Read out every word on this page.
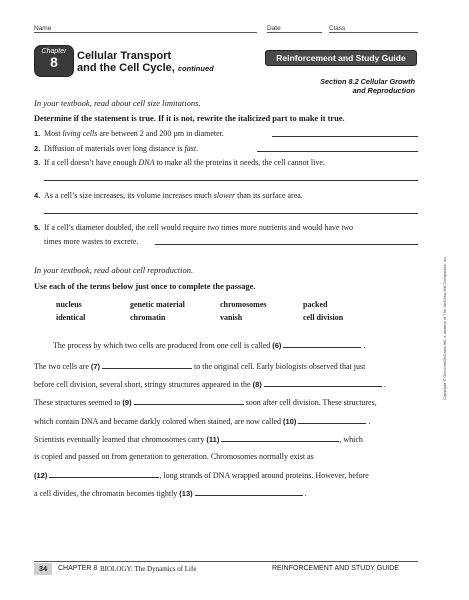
Name	Date	Class
Chapter
8	Cellular Transport
and the Cell Cycle, continued
Reinforcement and Study Guide
Section 8.2 Cellular Growth
and Reproduction
In your textbook, read about cell size limitations.
Determine if the statement is true. If it is not, rewrite the italicized part to make it true.
1. Most living cells are between 2 and 200 µm in diameter.
2. Diffusion of materials over long distance is fast.
3. If a cell doesn’t have enough DNA to make all the proteins it needs, the cell cannot live.
4. As a cell’s size increases, its volume increases much slower than its surface area.
5. If a cell’s diameter doubled, the cell would require two times more nutrients and would have two
times more wastes to excrete.
In your textbook, read about cell reproduction.
Use each of the terms below just once to complete the passage.
nucleus	genetic material	chromosomes	packed
identical	chromatin	vanish	cell division
The process by which two cells are produced from one cell is called (6)	.
The two cells are (7)	to the original cell. Early biologists observed that just
before cell division, several short, stringy structures appeared in the (8)	.
These structures seemed to (9)	soon after cell division. These structures,
which contain DNA and became darkly colored when stained, are now called (10)	.
Scientists eventually learned that chromosomes carry (11)	, which
is copied and passed on from generation to generation. Chromosomes normally exist as
(12)	, long strands of DNA wrapped around proteins. However, before
a cell divides, the chromatin becomes tightly (13)	.
Copyright © Glencoe/McGraw-Hill, a division of The McGraw-Hill Companies, Inc.
34	CHAPTER 8 BIOLOGY: The Dynamics of Life	REINFORCEMENT AND STUDY GUIDE
